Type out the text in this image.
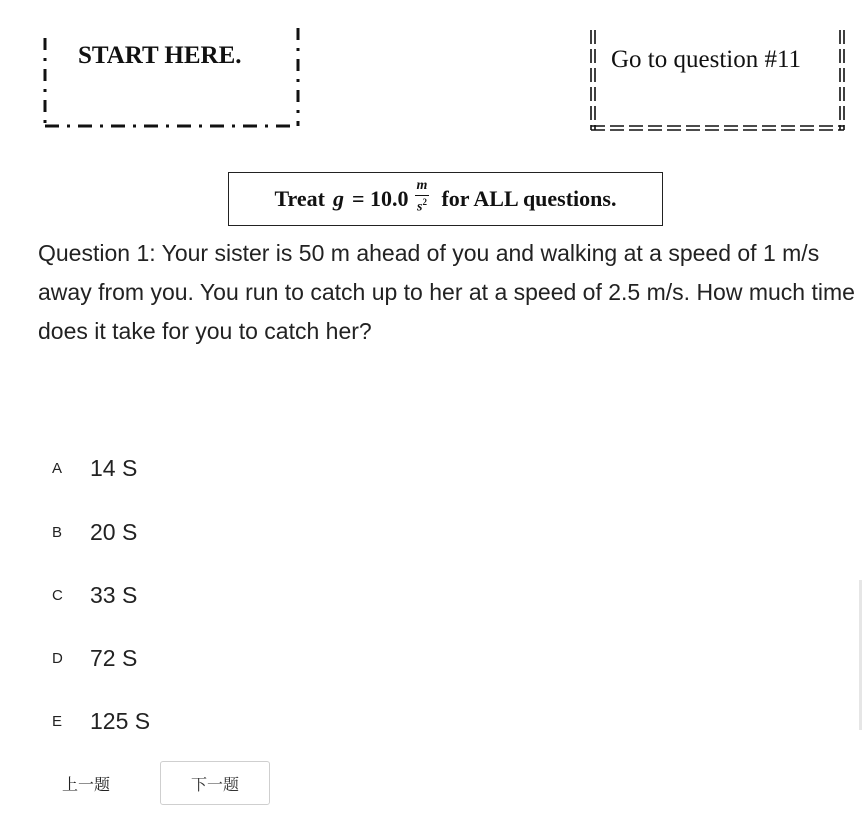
START HERE.	Go to question #11
Treat $g = 10.0 \frac{m}{s^2}$ for ALL questions.

Question 1: Your sister is 50 m ahead of you and walking at a speed of 1 m/s away from you. You run to catch up to her at a speed of 2.5 m/s. How much time does it take for you to catch her?

A	14 S
B	20 S
C	33 S
D	72 S
E	125 S
上一题	下一题
